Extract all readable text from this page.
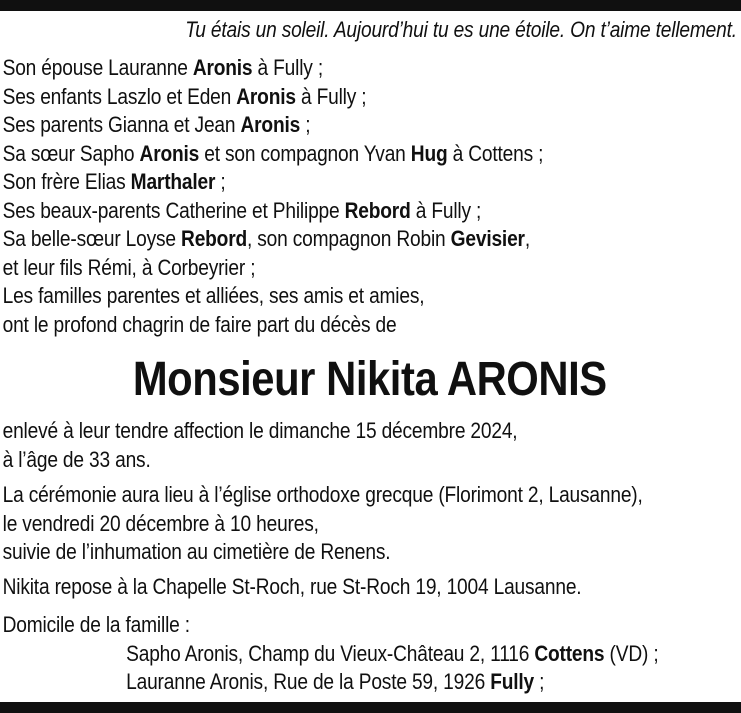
Tu étais un soleil. Aujourd’hui tu es une étoile. On t’aime tellement.

Son épouse Lauranne Aronis à Fully ;

Ses enfants Laszlo et Eden Aronis à Fully ;

Ses parents Gianna et Jean Aronis ;

Sa sœur Sapho Aronis et son compagnon Yvan Hug à Cottens ;

Son frère Elias Marthaler ;

Ses beaux-parents Catherine et Philippe Rebord à Fully ;

Sa belle-sœur Loyse Rebord, son compagnon Robin Gevisier,

et leur fils Rémi, à Corbeyrier ;

Les familles parentes et alliées, ses amis et amies,

ont le profond chagrin de faire part du décès de

Monsieur Nikita ARONIS

enlevé à leur tendre affection le dimanche 15 décembre 2024,

à l’âge de 33 ans.

La cérémonie aura lieu à l’église orthodoxe grecque (Florimont 2, Lausanne),

le vendredi 20 décembre à 10 heures,

suivie de l’inhumation au cimetière de Renens.

Nikita repose à la Chapelle St-Roch, rue St-Roch 19, 1004 Lausanne.

Domicile de la famille :

Sapho Aronis, Champ du Vieux-Château 2, 1116 Cottens (VD) ;

Lauranne Aronis, Rue de la Poste 59, 1926 Fully ;
